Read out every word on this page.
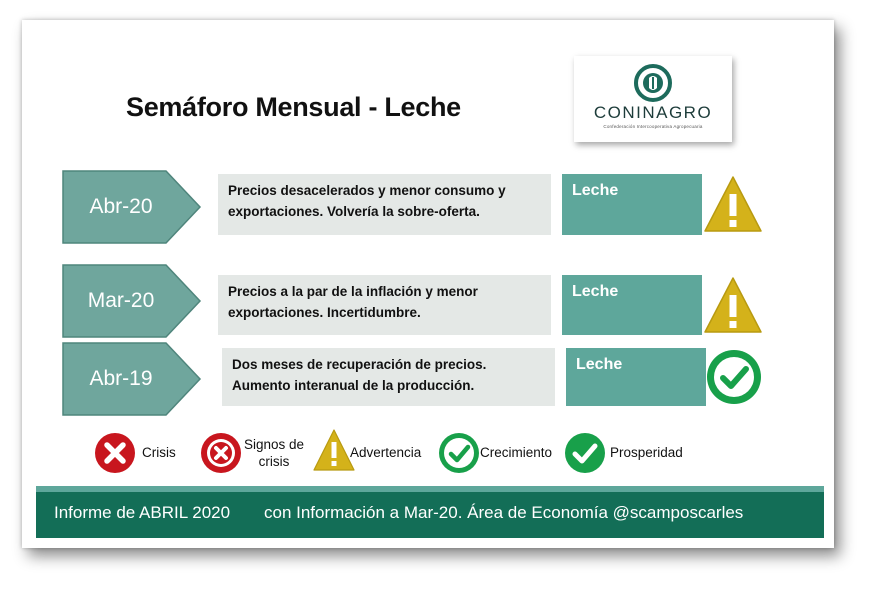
Semáforo Mensual - Leche	CONINAGRO
Confederación Intercooperativa Agropecuaria
Abr-20
Precios desacelerados y menor consumo y
exportaciones. Volvería la sobre-oferta.
Leche
Mar-20	Precios a la par de la inflación y menor
exportaciones. Incertidumbre.
Leche
Abr-19
Dos meses de recuperación de precios.
Aumento interanual de la producción.
Leche
Crisis
Signos de
crisis
Advertencia	Crecimiento	Prosperidad
Informe de ABRIL 2020 con Información a Mar-20. Área de Economía @scamposcarles
